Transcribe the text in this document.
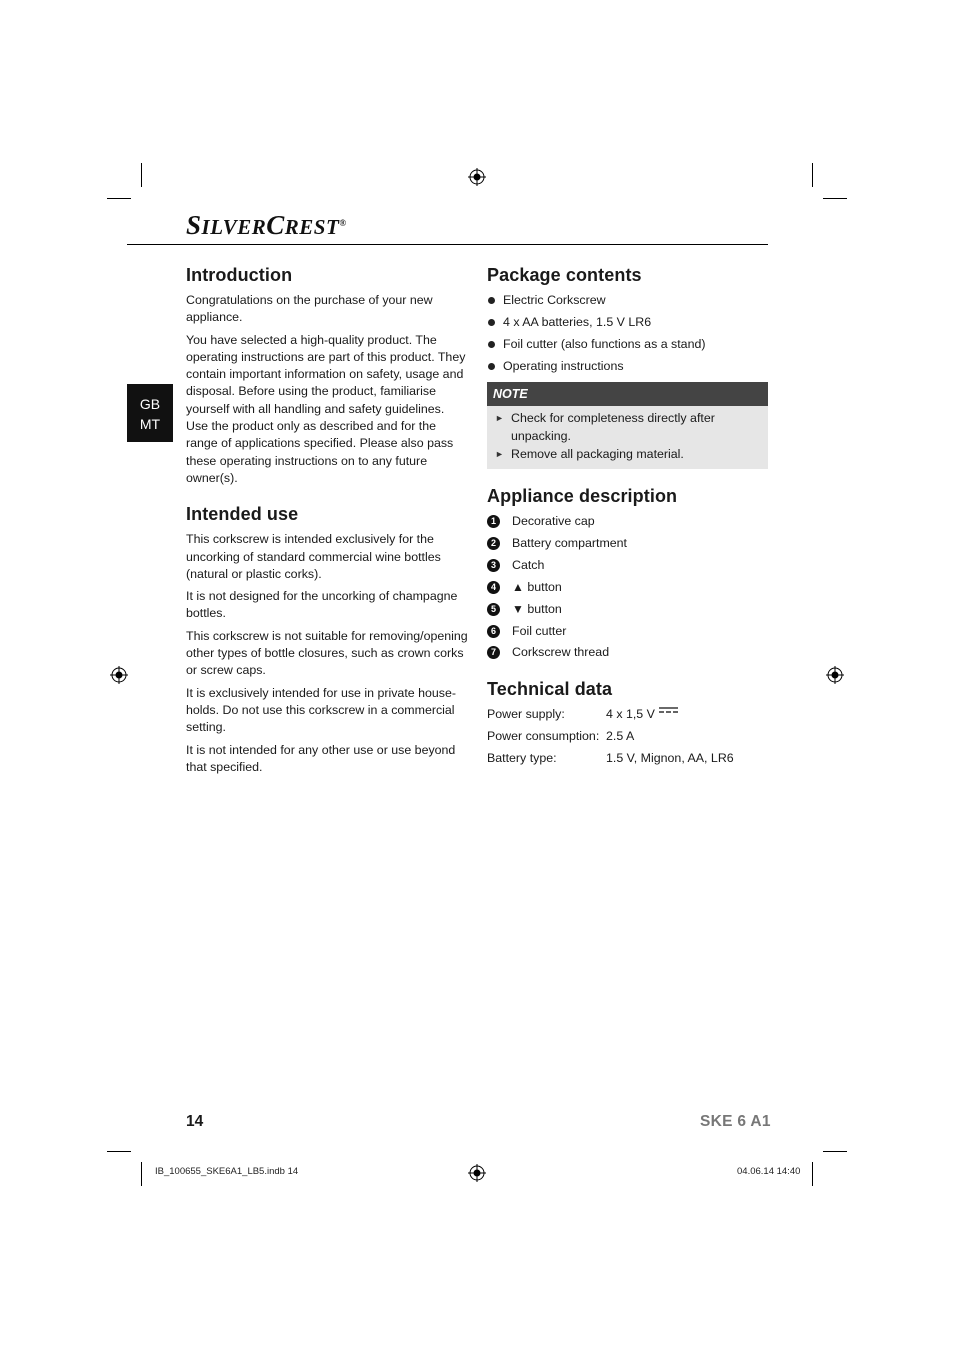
SILVERCREST®
GB
MT
Introduction

Congratulations on the purchase of your new appliance.

You have selected a high-quality product. The operating instructions are part of this product. They contain important information on safety, usage and disposal. Before using the product, familiarise yourself with all handling and safety guidelines. Use the product only as described and for the range of applications specified. Please also pass these operating instructions on to any future owner(s).

Intended use

This corkscrew is intended exclusively for the uncorking of standard commercial wine bottles (natural or plastic corks).

It is not designed for the uncorking of champagne bottles.

This corkscrew is not suitable for removing/opening other types of bottle closures, such as crown corks or screw caps.

It is exclusively intended for use in private house-holds. Do not use this corkscrew in a commercial setting.

It is not intended for any other use or use beyond that specified.

Package contents
Electric Corkscrew
4 x AA batteries, 1.5 V LR6
Foil cutter (also functions as a stand)
Operating instructions
NOTE
► Check for completeness directly after unpacking.
► Remove all packaging material.
Appliance description
1	Decorative cap
2	Battery compartment
3	Catch
4	▲ button
5	▼ button
6	Foil cutter
7	Corkscrew thread
Technical data
Power supply:	4 x 1,5 V
Power consumption: 2.5 A
Battery type:	1.5 V, Mignon, AA, LR6
14	SKE 6 A1
IB_100655_SKE6A1_LB5.indb 14	04.06.14 14:40
